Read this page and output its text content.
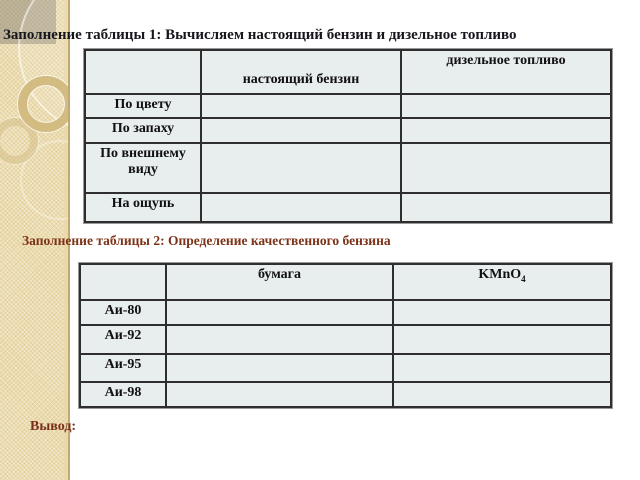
Заполнение таблицы 1: Вычисляем настоящий бензин и дизельное топливо
	настоящий бензин	дизельное топливо
По цвету		
По запаху		
По внешнему виду		
На ощупь		
Заполнение таблицы 2: Определение качественного бензина
	бумага	KMnO$_4$
Аи-80		
Аи-92		
Аи-95		
Аи-98		
Вывод:
